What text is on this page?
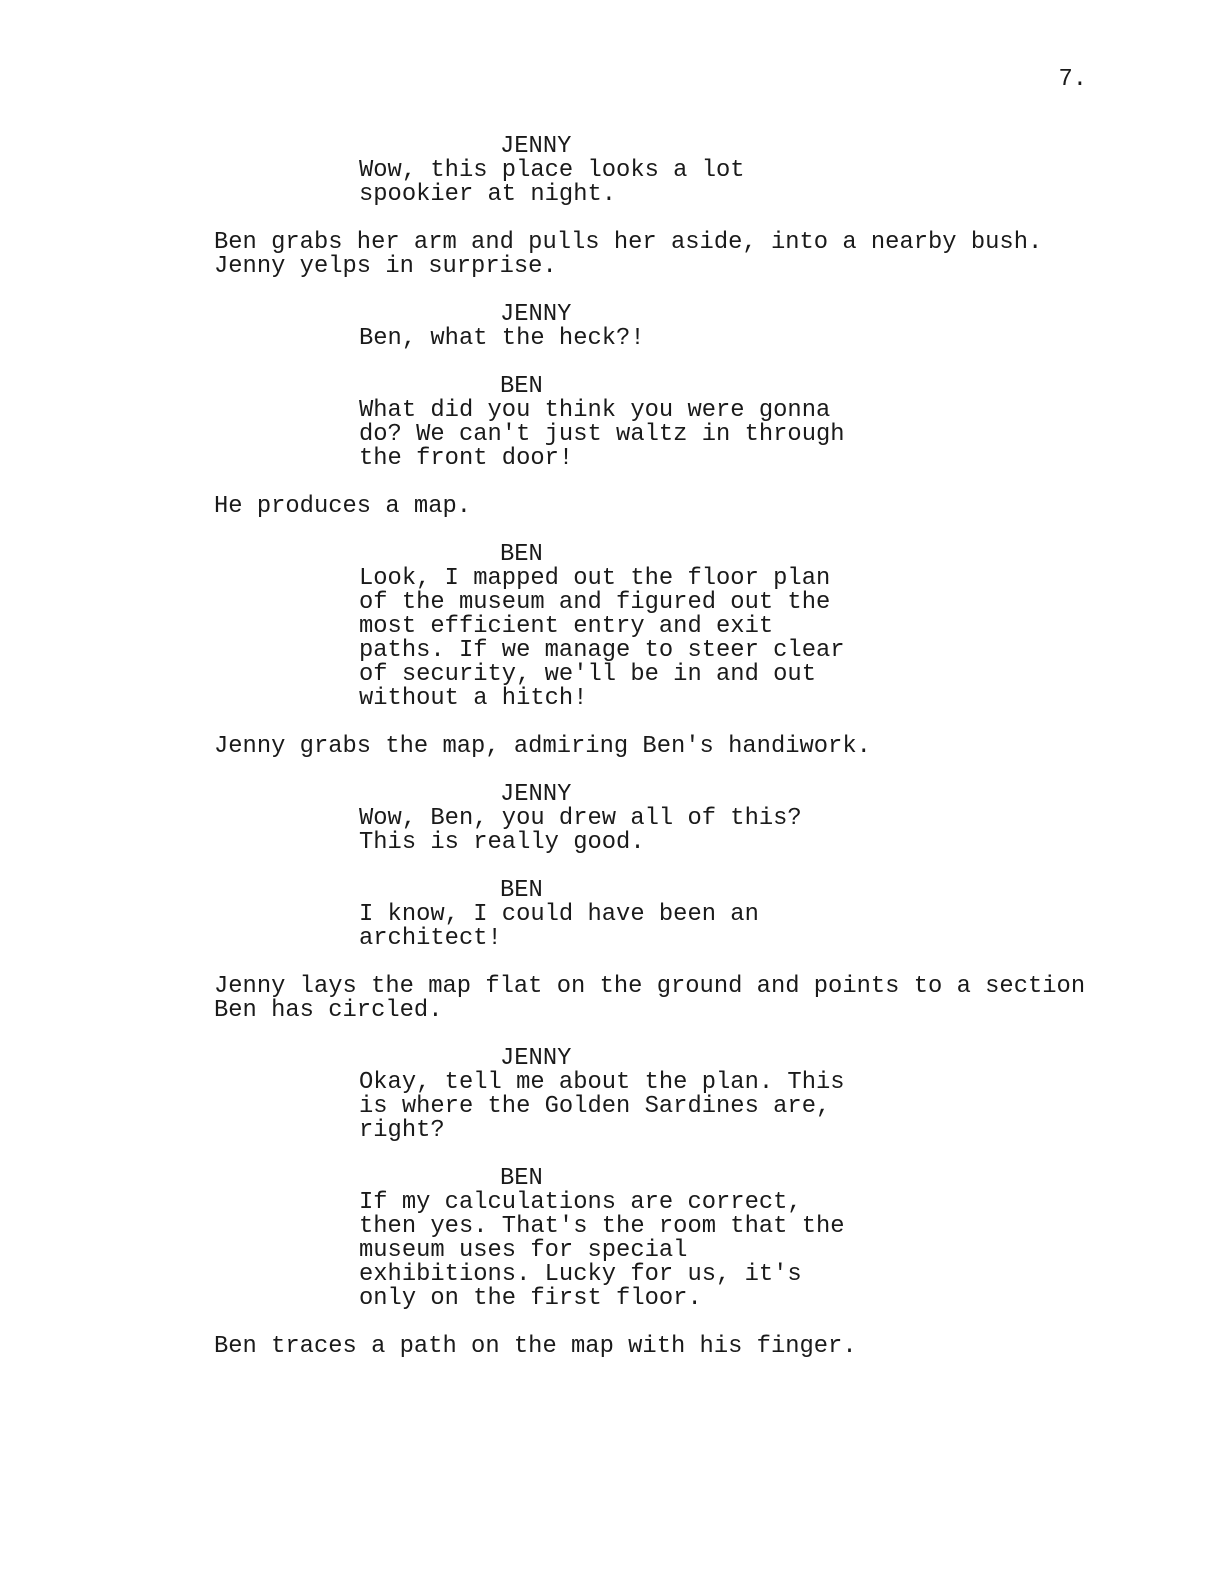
7.
JENNY
Wow, this place looks a lot
spookier at night.
Ben grabs her arm and pulls her aside, into a nearby bush.
Jenny yelps in surprise.
JENNY
Ben, what the heck?!
BEN
What did you think you were gonna
do? We can't just waltz in through
the front door!
He produces a map.
BEN
Look, I mapped out the floor plan
of the museum and figured out the
most efficient entry and exit
paths. If we manage to steer clear
of security, we'll be in and out
without a hitch!
Jenny grabs the map, admiring Ben's handiwork.
JENNY
Wow, Ben, you drew all of this?
This is really good.
BEN
I know, I could have been an
architect!
Jenny lays the map flat on the ground and points to a section
Ben has circled.
JENNY
Okay, tell me about the plan. This
is where the Golden Sardines are,
right?
BEN
If my calculations are correct,
then yes. That's the room that the
museum uses for special
exhibitions. Lucky for us, it's
only on the first floor.
Ben traces a path on the map with his finger.
